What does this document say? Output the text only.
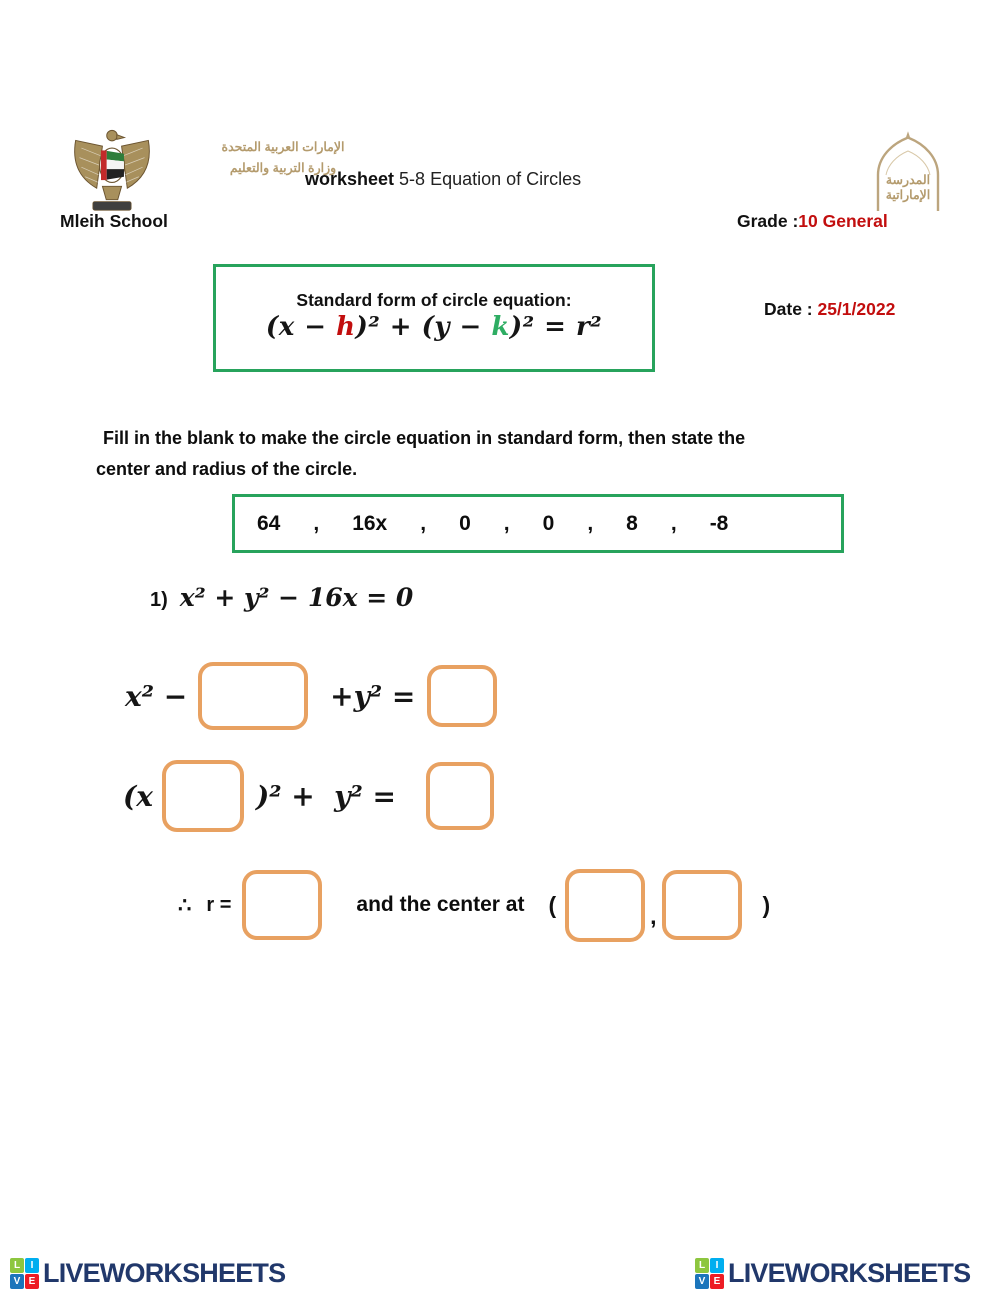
الإمارات العربية المتحدة
وزارة التربية والتعليم
worksheet 5-8 Equation of Circles	المدرسة
الإماراتية
Mleih School	Grade :10 General
Standard form of circle equation:
(x − h)² + (y − k)² = r²
Date : 25/1/2022
Fill in the blank to make the circle equation in standard form, then state the
center and radius of the circle.
64 , 16x , 0 , 0 , 8 , -8
1) x² + y² − 16x = 0
x² −	+y² =
(x	)² +  y² =
∴ r =	and the center at (	,	)
L	I
V E LIVEWORKSHEETS	L	I
V E LIVEWORKSHEETS
